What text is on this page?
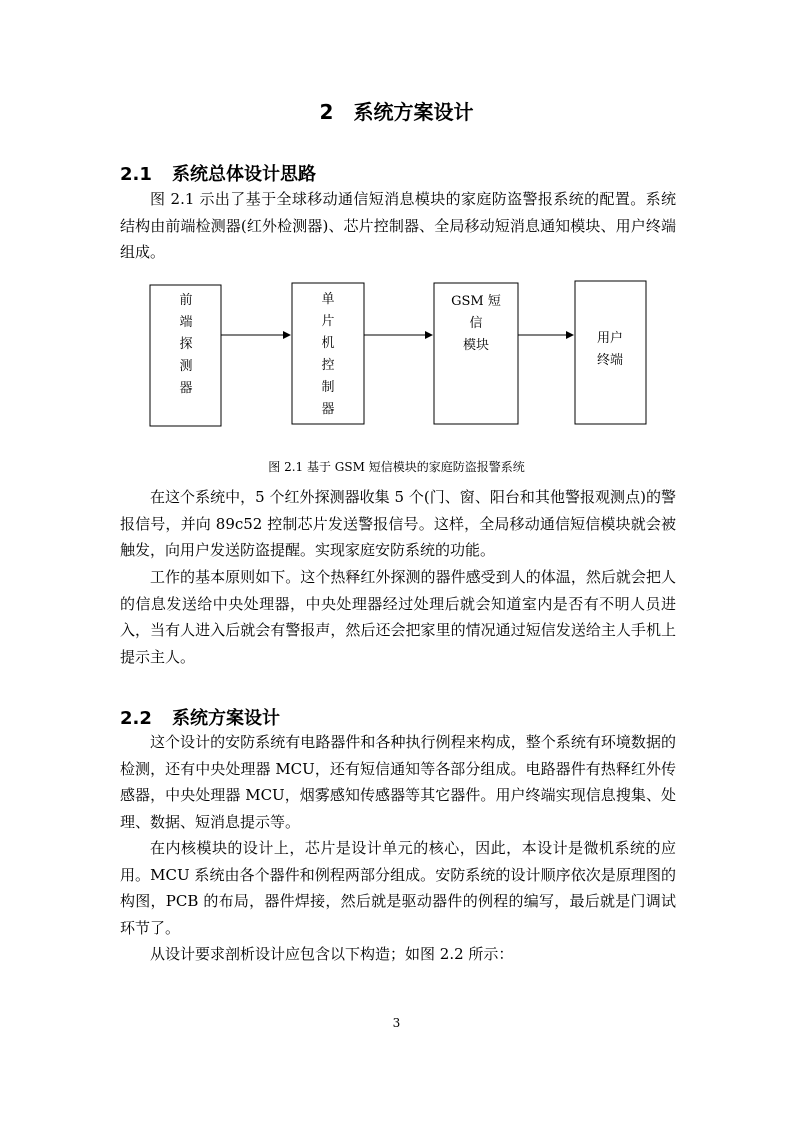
2　系统方案设计
2.1 系统总体设计思路

图 2.1 示出了基于全球移动通信短消息模块的家庭防盗警报系统的配置。系统结构由前端检测器(红外检测器)、芯片控制器、全局移动短消息通知模块、用户终端组成。

前
端
探
测
器
单
片
机
控
制
器
GSM 短
信
模块	用户
终端
图 2.1 基于 GSM 短信模块的家庭防盗报警系统

在这个系统中，5 个红外探测器收集 5 个(门、窗、阳台和其他警报观测点)的警报信号，并向 89c52 控制芯片发送警报信号。这样，全局移动通信短信模块就会被触发，向用户发送防盗提醒。实现家庭安防系统的功能。

工作的基本原则如下。这个热释红外探测的器件感受到人的体温，然后就会把人的信息发送给中央处理器，中央处理器经过处理后就会知道室内是否有不明人员进入，当有人进入后就会有警报声，然后还会把家里的情况通过短信发送给主人手机上提示主人。

2.2 系统方案设计

这个设计的安防系统有电路器件和各种执行例程来构成，整个系统有环境数据的检测，还有中央处理器 MCU，还有短信通知等各部分组成。电路器件有热释红外传感器，中央处理器 MCU，烟雾感知传感器等其它器件。用户终端实现信息搜集、处理、数据、短消息提示等。

在内核模块的设计上，芯片是设计单元的核心，因此，本设计是微机系统的应用。MCU 系统由各个器件和例程两部分组成。安防系统的设计顺序依次是原理图的构图，PCB 的布局，器件焊接，然后就是驱动器件的例程的编写，最后就是门调试环节了。

从设计要求剖析设计应包含以下构造；如图 2.2 所示：

3
